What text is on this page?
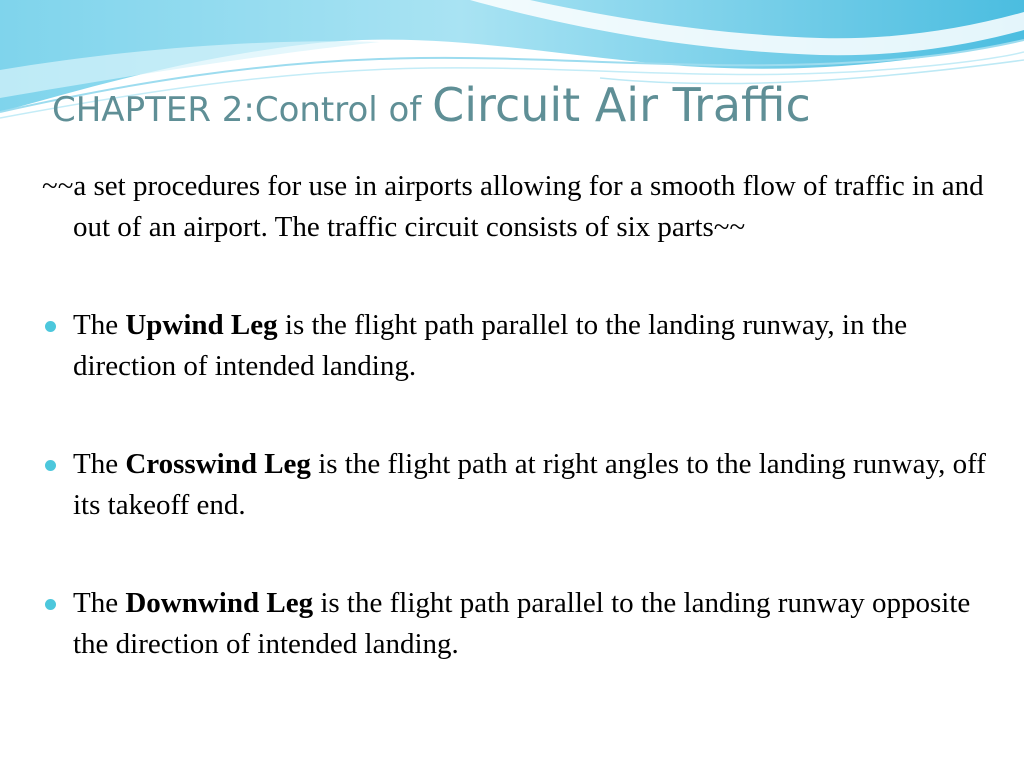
CHAPTER 2:Control of Circuit Air Traffic

~~a set procedures for use in airports allowing for a smooth flow of traffic in and out of an airport. The traffic circuit consists of six parts~~

The Upwind Leg is the flight path parallel to the landing runway, in the direction of intended landing.
The Crosswind Leg is the flight path at right angles to the landing runway, off its takeoff end.
The Downwind Leg is the flight path parallel to the landing runway opposite the direction of intended landing.
